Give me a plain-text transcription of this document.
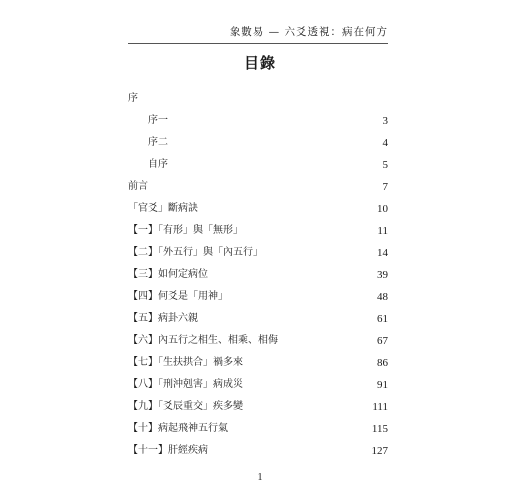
象數易 — 六爻透視：病在何方
目錄
序
序一	3
序二	4
自序	5
前言	7
「官爻」斷病訣	10
【一】「有形」與「無形」	11
【二】「外五行」與「內五行」	14
【三】如何定病位	39
【四】何爻是「用神」	48
【五】病卦六親	61
【六】內五行之相生、相乘、相侮	67
【七】「生扶拱合」禍多來	86
【八】「刑沖剋害」病成災	91
【九】「爻辰重交」疾多變	111
【十】病起飛神五行氣	115
【十一】肝經疾病	127
1
